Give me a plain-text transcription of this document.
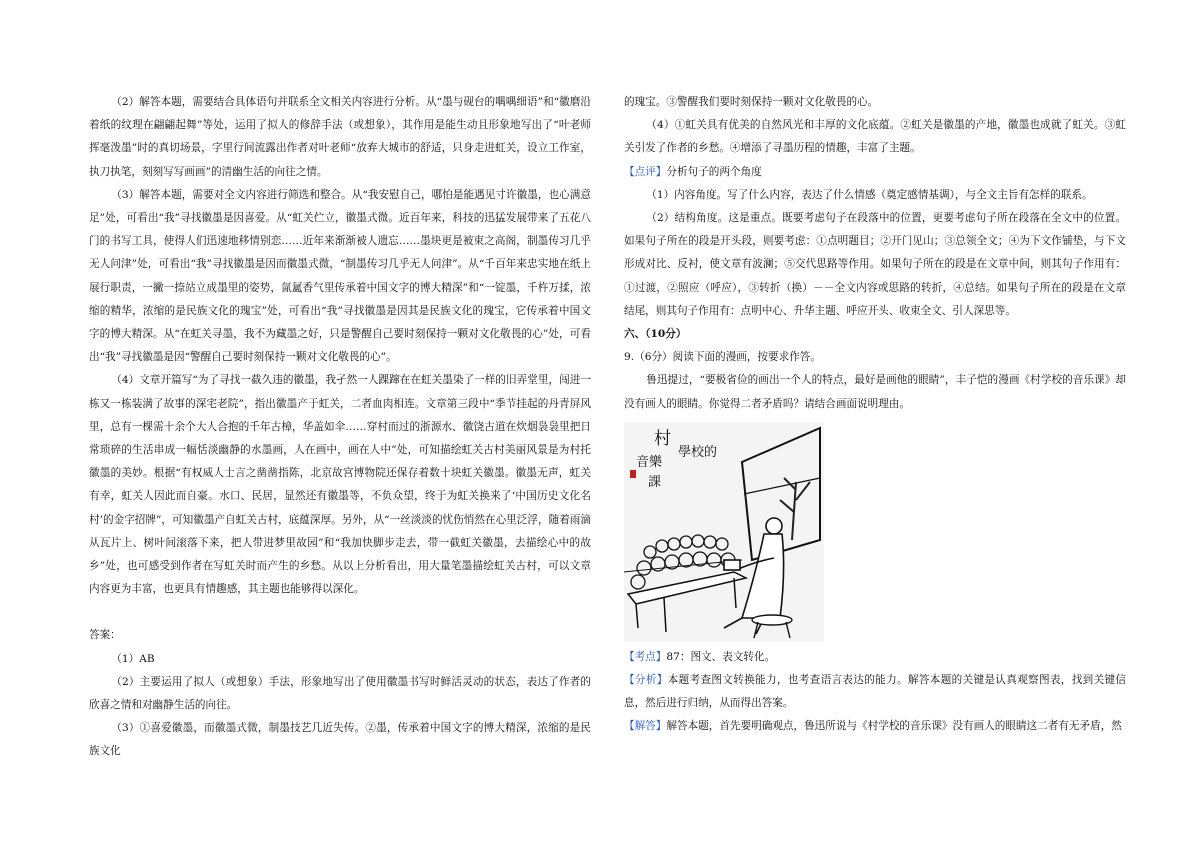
（2）解答本题，需要结合具体语句并联系全文相关内容进行分析。从“墨与砚台的喁喁细语”和“徽磨沿着纸的纹理在翩翩起舞”等处，运用了拟人的修辞手法（或想象），其作用是能生动且形象地写出了“叶老师挥毫泼墨”时的真切场景，字里行间流露出作者对叶老师“放弃大城市的舒适，只身走进虹关，设立工作室，执刀执笔，刻刻写写画画”的清幽生活的向往之情。

（3）解答本题，需要对全文内容进行筛选和整合。从“我安慰自己，哪怕是能遇见寸许徽墨，也心满意足”处，可看出“我”寻找徽墨是因喜爱。从“虹关伫立，徽墨式微。近百年来，科技的迅猛发展带来了五花八门的书写工具，使得人们迅速地移情别恋……近年来渐渐被人遗忘……墨块更是被束之高阁，制墨传习几乎无人问津”处，可看出“我”寻找徽墨是因而徽墨式微，“制墨传习几乎无人问津”。从“千百年来忠实地在纸上展行职责，一撇一捺站立成墨里的姿势，氤氲香气里传承着中国文字的博大精深”和“一锭墨，千杵万揉，浓缩的精华，浓缩的是民族文化的瑰宝”处，可看出“我”寻找徽墨是因其是民族文化的瑰宝，它传承着中国文字的博大精深。从“在虹关寻墨，我不为藏墨之好，只是警醒自己要时刻保持一颗对文化敬畏的心”处，可看出“我”寻找徽墨是因“警醒自己要时刻保持一颗对文化敬畏的心”。

（4）文章开篇写“为了寻找一截久违的徽墨，我孑然一人踝蹿在在虹关墨染了一样的旧弄堂里，闯进一栋又一栋装满了故事的深宅老院”，指出徽墨产于虹关，二者血肉相连。文章第三段中“季节挂起的丹青屏风里，总有一棵需十余个大人合抱的千年古樟，华盖如伞……穿村而过的浙源水、徽饶古道在炊烟袅袅里把日常琐碎的生活串成一幅恬淡幽静的水墨画，人在画中，画在人中”处，可知描绘虹关古村美丽风景是为村托徽墨的美妙。根据“有权威人士言之凿凿指陈，北京故宫博物院还保存着数十块虹关徽墨。徽墨无声，虹关有幸，虹关人因此而自豪。水口、民居，显然还有徽墨等，不负众望，终于为虹关换来了‘中国历史文化名村’的金字招牌”，可知徽墨产自虹关古村，底蕴深厚。另外，从“一丝淡淡的忧伤悄然在心里泛浮，随着雨滴从瓦片上、树叶间滚落下来，把人带进梦里故园”和“我加快脚步走去，带一截虹关徽墨，去描绘心中的故乡”处，也可感受到作者在写虹关时而产生的乡愁。从以上分析看出，用大量笔墨描绘虹关古村，可以文章内容更为丰富，也更具有情趣感，其主题也能够得以深化。

答案：

（1）AB

（2）主要运用了拟人（或想象）手法，形象地写出了使用徽墨书写时鲜活灵动的状态，表达了作者的欣喜之情和对幽静生活的向往。

（3）①喜爱徽墨，而徽墨式微，制墨技艺几近失传。②墨，传承着中国文字的博大精深，浓缩的是民族文化

的瑰宝。③警醒我们要时刻保持一颗对文化敬畏的心。

（4）①虹关具有优美的自然风光和丰厚的文化底蕴。②虹关是徽墨的产地，徽墨也成就了虹关。③虹关引发了作者的乡愁。④增添了寻墨历程的情趣，丰富了主题。

【点评】分析句子的两个角度

（1）内容角度。写了什么内容，表达了什么情感（奠定感情基调），与全文主旨有怎样的联系。

（2）结构角度。这是重点。既要考虑句子在段落中的位置，更要考虑句子所在段落在全文中的位置。如果句子所在的段是开头段，则要考虑：①点明题目；②开门见山；③总领全文；④为下文作铺垫，与下文形成对比、反衬，使文章有波澜；⑤交代思路等作用。如果句子所在的段是在文章中间，则其句子作用有：①过渡，②照应（呼应），③转折（换）－－全文内容或思路的转折，④总结。如果句子所在的段是在文章结尾，则其句子作用有：点明中心、升华主题、呼应开头、收束全文、引人深思等。

六、（10分）

9.（6分）阅读下面的漫画，按要求作答。

鲁迅提过，“要极省俭的画出一个人的特点，最好是画他的眼睛”，丰子恺的漫画《村学校的音乐课》却没有画人的眼睛。你觉得二者矛盾吗？请结合画面说明理由。

村
學校的
音樂
課

【考点】87：图文、表文转化。

【分析】本题考查图文转换能力，也考查语言表达的能力。解答本题的关键是认真观察图表，找到关键信息，然后进行归纳，从而得出答案。

【解答】解答本题，首先要明确观点，鲁迅所说与《村学校的音乐课》没有画人的眼睛这二者有无矛盾，然
